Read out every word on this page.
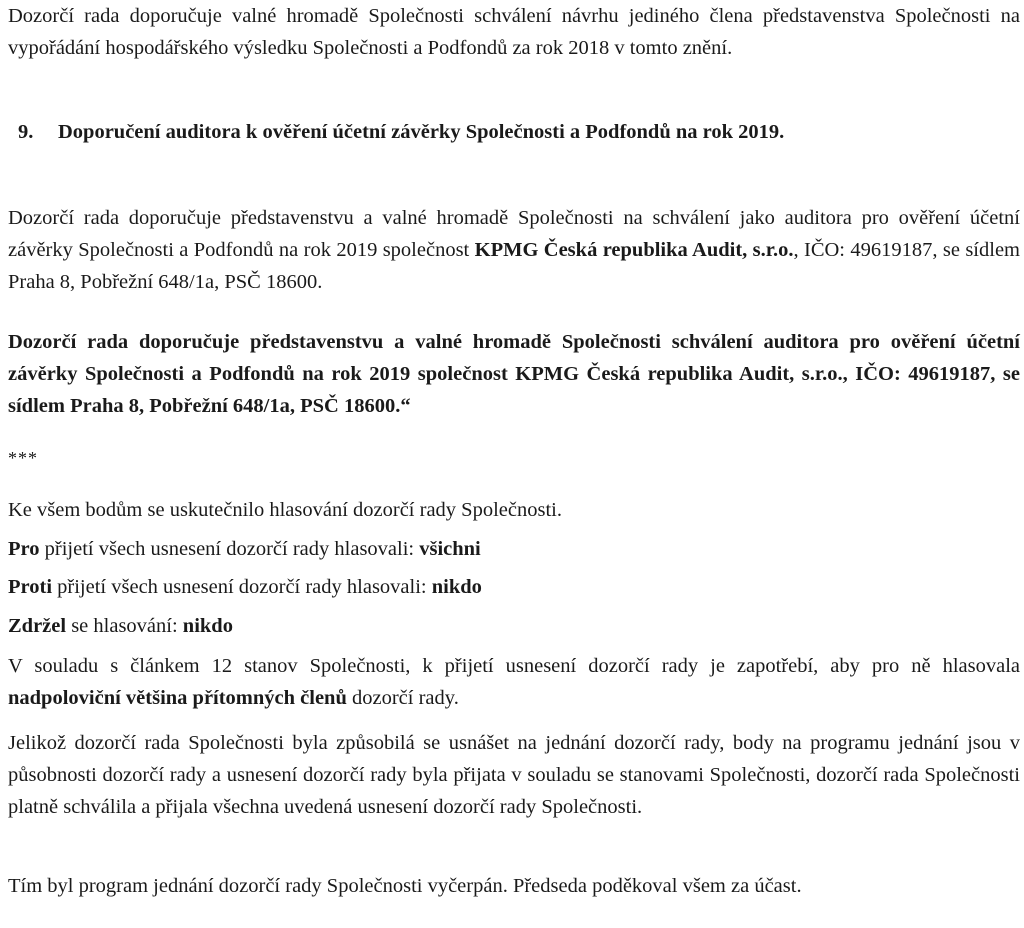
Dozorčí rada doporučuje valné hromadě Společnosti schválení návrhu jediného člena představenstva Společnosti na vypořádání hospodářského výsledku Společnosti a Podfondů za rok 2018 v tomto znění.

9. Doporučení auditora k ověření účetní závěrky Společnosti a Podfondů na rok 2019.

Dozorčí rada doporučuje představenstvu a valné hromadě Společnosti na schválení jako auditora pro ověření účetní závěrky Společnosti a Podfondů na rok 2019 společnost KPMG Česká republika Audit, s.r.o., IČO: 49619187, se sídlem Praha 8, Pobřežní 648/1a, PSČ 18600.

Dozorčí rada doporučuje představenstvu a valné hromadě Společnosti schválení auditora pro ověření účetní závěrky Společnosti a Podfondů na rok 2019 společnost KPMG Česká republika Audit, s.r.o., IČO: 49619187, se sídlem Praha 8, Pobřežní 648/1a, PSČ 18600.“

***

Ke všem bodům se uskutečnilo hlasování dozorčí rady Společnosti.

Pro přijetí všech usnesení dozorčí rady hlasovali: všichni

Proti přijetí všech usnesení dozorčí rady hlasovali: nikdo

Zdržel se hlasování: nikdo

V souladu s článkem 12 stanov Společnosti, k přijetí usnesení dozorčí rady je zapotřebí, aby pro ně hlasovala nadpoloviční většina přítomných členů dozorčí rady.

Jelikož dozorčí rada Společnosti byla způsobilá se usnášet na jednání dozorčí rady, body na programu jednání jsou v působnosti dozorčí rady a usnesení dozorčí rady byla přijata v souladu se stanovami Společnosti, dozorčí rada Společnosti platně schválila a přijala všechna uvedená usnesení dozorčí rady Společnosti.

Tím byl program jednání dozorčí rady Společnosti vyčerpán. Předseda poděkoval všem za účast.
